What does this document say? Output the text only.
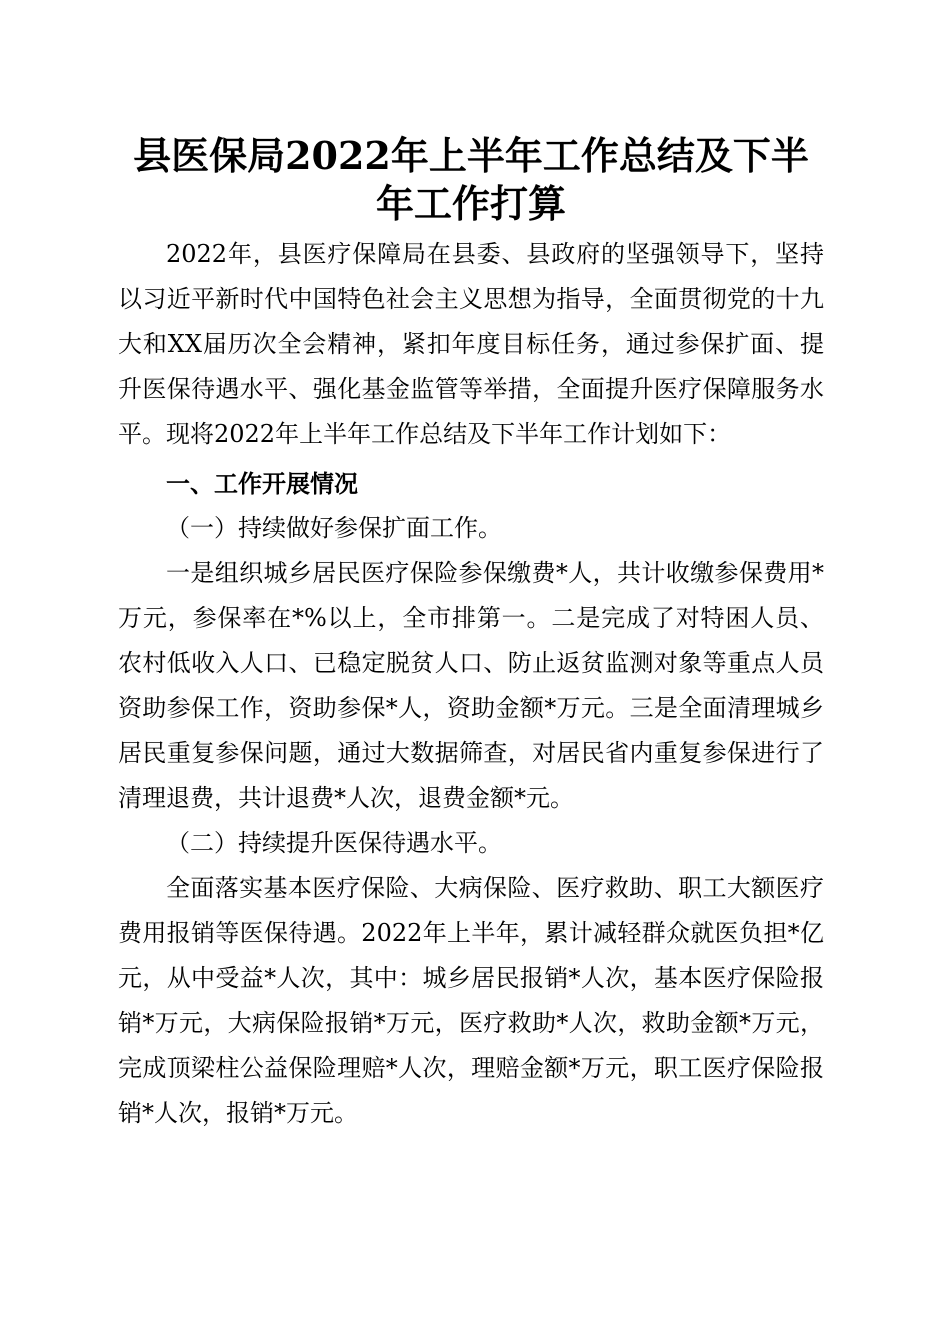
县医保局2022年上半年工作总结及下半年工作打算

2022年，县医疗保障局在县委、县政府的坚强领导下，坚持以习近平新时代中国特色社会主义思想为指导，全面贯彻党的十九大和XX届历次全会精神，紧扣年度目标任务，通过参保扩面、提升医保待遇水平、强化基金监管等举措，全面提升医疗保障服务水平。现将2022年上半年工作总结及下半年工作计划如下：

一、工作开展情况

（一）持续做好参保扩面工作。

一是组织城乡居民医疗保险参保缴费*人，共计收缴参保费用*万元，参保率在*%以上，全市排第一。二是完成了对特困人员、农村低收入人口、已稳定脱贫人口、防止返贫监测对象等重点人员资助参保工作，资助参保*人，资助金额*万元。三是全面清理城乡居民重复参保问题，通过大数据筛查，对居民省内重复参保进行了清理退费，共计退费*人次，退费金额*元。

（二）持续提升医保待遇水平。

全面落实基本医疗保险、大病保险、医疗救助、职工大额医疗费用报销等医保待遇。2022年上半年，累计减轻群众就医负担*亿元，从中受益*人次，其中：城乡居民报销*人次，基本医疗保险报销*万元，大病保险报销*万元，医疗救助*人次，救助金额*万元，完成顶梁柱公益保险理赔*人次，理赔金额*万元，职工医疗保险报销*人次，报销*万元。
